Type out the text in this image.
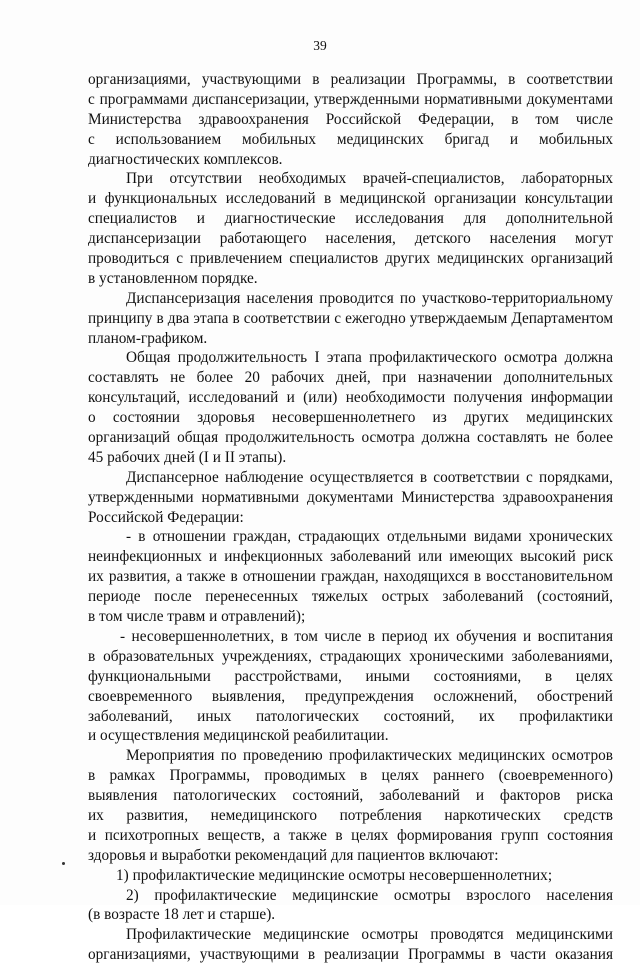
39
организациями, участвующими в реализации Программы, в соответствии
с программами диспансеризации, утвержденными нормативными документами
Министерства здравоохранения Российской Федерации, в том числе
с использованием мобильных медицинских бригад и мобильных
диагностических комплексов.
При отсутствии необходимых врачей-специалистов, лабораторных
и функциональных исследований в медицинской организации консультации
специалистов и диагностические исследования для дополнительной
диспансеризации работающего населения, детского населения могут
проводиться с привлечением специалистов других медицинских организаций
в установленном порядке.
Диспансеризация населения проводится по участково-территориальному
принципу в два этапа в соответствии с ежегодно утверждаемым Департаментом
планом-графиком.
Общая продолжительность I этапа профилактического осмотра должна
составлять не более 20 рабочих дней, при назначении дополнительных
консультаций, исследований и (или) необходимости получения информации
о состоянии здоровья несовершеннолетнего из других медицинских
организаций общая продолжительность осмотра должна составлять не более
45 рабочих дней (I и II этапы).
Диспансерное наблюдение осуществляется в соответствии с порядками,
утвержденными нормативными документами Министерства здравоохранения
Российской Федерации:
- в отношении граждан, страдающих отдельными видами хронических
неинфекционных и инфекционных заболеваний или имеющих высокий риск
их развития, а также в отношении граждан, находящихся в восстановительном
периоде после перенесенных тяжелых острых заболеваний (состояний,
в том числе травм и отравлений);
- несовершеннолетних, в том числе в период их обучения и воспитания
в образовательных учреждениях, страдающих хроническими заболеваниями,
функциональными расстройствами, иными состояниями, в целях
своевременного выявления, предупреждения осложнений, обострений
заболеваний, иных патологических состояний, их профилактики
и осуществления медицинской реабилитации.
Мероприятия по проведению профилактических медицинских осмотров
в рамках Программы, проводимых в целях раннего (своевременного)
выявления патологических состояний, заболеваний и факторов риска
их развития, немедицинского потребления наркотических средств
и психотропных веществ, а также в целях формирования групп состояния
здоровья и выработки рекомендаций для пациентов включают:
1) профилактические медицинские осмотры несовершеннолетних;
2) профилактические медицинские осмотры взрослого населения
(в возрасте 18 лет и старше).
Профилактические медицинские осмотры проводятся медицинскими
организациями, участвующими в реализации Программы в части оказания
